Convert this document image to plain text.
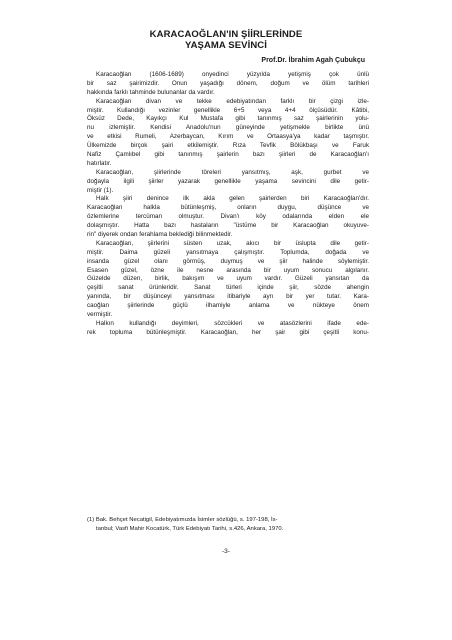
KARACAOĞLAN'IN ŞİİRLERİNDE
YAŞAMA SEVİNCİ
Prof.Dr. İbrahim Agah Çubukçu
Karacaoğlan (1606-1689) onyedinci yüzyılda yetişmiş çok ünlü
bir saz şairimizdir. Onun yaşadığı dönem, doğum ve ölüm tarihleri
hakkında farklı tahminde bulunanlar da vardır.
Karacaoğlan divan ve tekke edebiyatından farklı bir çizgi izle-
miştir. Kullandığı vezinler genellikle 6+5 veya 4+4 ölçüsüdür. Kâtibi,
Öksüz Dede, Kayıkçı Kul Mustafa gibi tanınmış saz şairlerinin yolu-
nu izlemiştir. Kendisi Anadolu'nun güneyinde yetişmekle birlikte ünü
ve etkisi Rumeli, Azerbaycan, Kırım ve Ortaasya'ya kadar taşmıştır.
Ülkemizde birçok şairi etkilemiştir. Rıza Tevfik Bölükbaşı ve Faruk
Nafiz Çamlıbel gibi tanınmış şairlerin bazı şiirleri de Karacaoğlan'ı
hatırlatır.
Karacaoğlan, şiirlerinde töreleri yansıtmış, aşk, gurbet ve
doğayla ilgili şiirler yazarak genellikle yaşama sevincini dile getir-
miştir (1).
Halk şiiri denince ilk akla gelen şairlerden biri Karacaoğlan'dır.
Karacaoğlan halkla bütünleşmiş, onların duygu, düşünce ve
özlemlerine tercüman olmuştur. Divan'ı köy odalarında elden ele
dolaşmıştır. Hatta bazı hastaların "üstüme bir Karacaoğlan okuyuve-
rin" diyerek ondan ferahlama beklediği bilinmektedir.
Karacaoğlan, şiirlerini süsten uzak, akıcı bir üslupta dile getir-
miştir. Daima güzeli yansıtmaya çalışmıştır. Toplumda, doğada ve
insanda güzel olanı görmüş, duymuş ve şiir halinde söylemiştir.
Esasen güzel, özne ile nesne arasında bir uyum sonucu algılanır.
Güzelde düzen, birlik, bakışım ve uyum vardır. Güzeli yansıtan da
çeşitli sanat ürünleridir. Sanat türleri içinde şiir, sözde ahengin
yanında, bir düşünceyi yansıtması itibariyle ayrı bir yer tutar. Kara-
caoğlan şiirlerinde güçlü ilhamiyle anlama ve nükteye önem
vermiştir.
Halkın kullandığı deyimleri, sözcükleri ve atasözlerini ifade ede-
rek topluma bütünleşmiştir. Karacaoğlan, her şair gibi çeşitli konu-
(1) Bak. Behçet Necatigil, Edebiyatımızda İsimler sözlüğü, s. 197-198, İs-
tanbul; Vasfi Mahir Kocatürk, Türk Edebiyatı Tarihi, s.426, Ankara, 1970.
-3-
